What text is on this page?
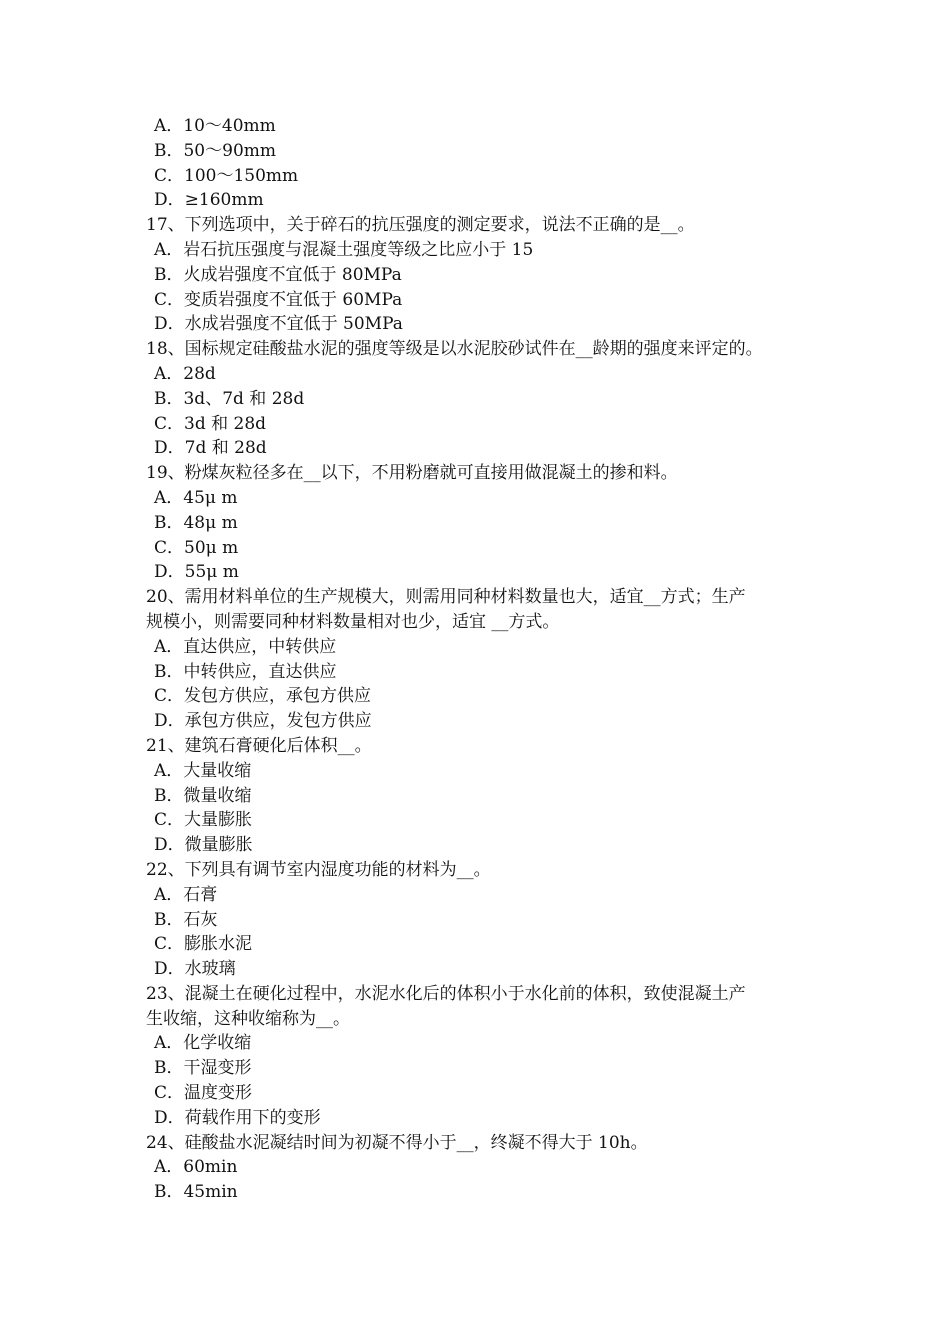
A．10～40mm
B．50～90mm
C．100～150mm
D．≥160mm
17、下列选项中，关于碎石的抗压强度的测定要求，说法不正确的是__。
A．岩石抗压强度与混凝土强度等级之比应小于 15
B．火成岩强度不宜低于 80MPa
C．变质岩强度不宜低于 60MPa
D．水成岩强度不宜低于 50MPa
18、国标规定硅酸盐水泥的强度等级是以水泥胶砂试件在__龄期的强度来评定的。
A．28d
B．3d、7d 和 28d
C．3d 和 28d
D．7d 和 28d
19、粉煤灰粒径多在__以下，不用粉磨就可直接用做混凝土的掺和料。
A．45μ m
B．48μ m
C．50μ m
D．55μ m
20、需用材料单位的生产规模大，则需用同种材料数量也大，适宜__方式；生产
规模小，则需要同种材料数量相对也少，适宜 __方式。
A．直达供应，中转供应
B．中转供应，直达供应
C．发包方供应，承包方供应
D．承包方供应，发包方供应
21、建筑石膏硬化后体积__。
A．大量收缩
B．微量收缩
C．大量膨胀
D．微量膨胀
22、下列具有调节室内湿度功能的材料为__。
A．石膏
B．石灰
C．膨胀水泥
D．水玻璃
23、混凝土在硬化过程中，水泥水化后的体积小于水化前的体积，致使混凝土产
生收缩，这种收缩称为__。
A．化学收缩
B．干湿变形
C．温度变形
D．荷载作用下的变形
24、硅酸盐水泥凝结时间为初凝不得小于__，终凝不得大于 10h。
A．60min
B．45min
